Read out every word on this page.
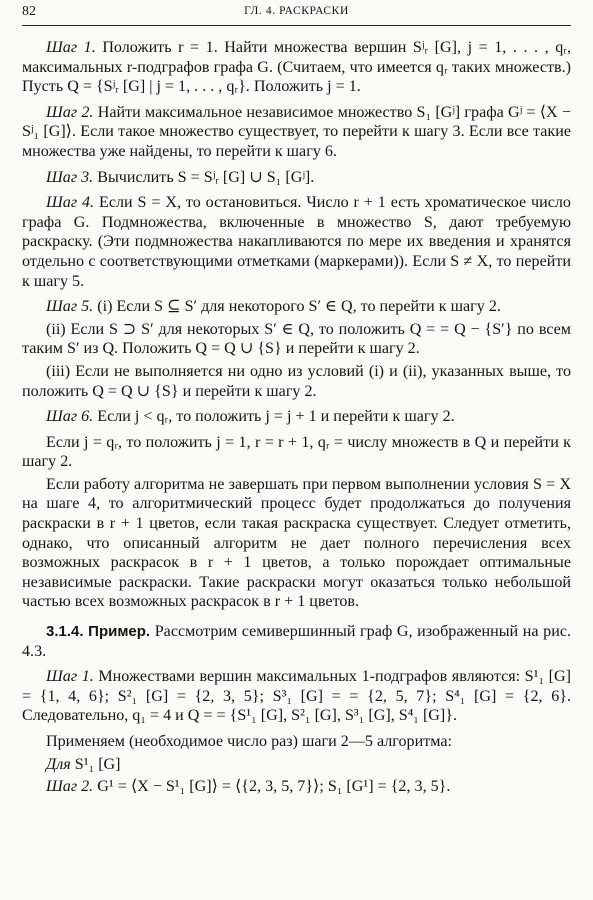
82	ГЛ. 4. РАСКРАСКИ

Шаг 1. Положить r = 1. Найти множества вершин Sʲᵣ [G], j = 1, . . . , qᵣ, максимальных r-подграфов графа G. (Считаем, что имеется qᵣ таких множеств.) Пусть Q = {Sʲᵣ [G] | j = 1, . . . , qᵣ}. Положить j = 1.

Шаг 2. Найти максимальное независимое множество S₁ [Gʲ] графа Gʲ = ⟨X − Sʲ₁ [G]⟩. Если такое множество существует, то перейти к шагу 3. Если все такие множества уже найдены, то перейти к шагу 6.

Шаг 3. Вычислить S = Sʲᵣ [G] ∪ S₁ [Gʲ].

Шаг 4. Если S = X, то остановиться. Число r + 1 есть хроматическое число графа G. Подмножества, включенные в множество S, дают требуемую раскраску. (Эти подмножества накапливаются по мере их введения и хранятся отдельно с соответствующими отметками (маркерами)). Если S ≠ X, то перейти к шагу 5.

Шаг 5. (i) Если S ⊆ S′ для некоторого S′ ∈ Q, то перейти к шагу 2.

(ii) Если S ⊃ S′ для некоторых S′ ∈ Q, то положить Q = = Q − {S′} по всем таким S′ из Q. Положить Q = Q ∪ {S} и перейти к шагу 2.

(iii) Если не выполняется ни одно из условий (i) и (ii), указанных выше, то положить Q = Q ∪ {S} и перейти к шагу 2.

Шаг 6. Если j < qᵣ, то положить j = j + 1 и перейти к шагу 2.

Если j = qᵣ, то положить j = 1, r = r + 1, qᵣ = числу множеств в Q и перейти к шагу 2.

Если работу алгоритма не завершать при первом выполнении условия S = X на шаге 4, то алгоритмический процесс будет продолжаться до получения раскраски в r + 1 цветов, если такая раскраска существует. Следует отметить, однако, что описанный алгоритм не дает полного перечисления всех возможных раскрасок в r + 1 цветов, а только порождает оптимальные независимые раскраски. Такие раскраски могут оказаться только небольшой частью всех возможных раскрасок в r + 1 цветов.

3.1.4. Пример. Рассмотрим семивершинный граф G, изображенный на рис. 4.3.

Шаг 1. Множествами вершин максимальных 1-подграфов являются: S¹₁ [G] = {1, 4, 6}; S²₁ [G] = {2, 3, 5}; S³₁ [G] = = {2, 5, 7}; S⁴₁ [G] = {2, 6}. Следовательно, q₁ = 4 и Q = = {S¹₁ [G], S²₁ [G], S³₁ [G], S⁴₁ [G]}.

Применяем (необходимое число раз) шаги 2—5 алгоритма:

Для S¹₁ [G]

Шаг 2. G¹ = ⟨X − S¹₁ [G]⟩ = ⟨{2, 3, 5, 7}⟩; S₁ [G¹] = {2, 3, 5}.
